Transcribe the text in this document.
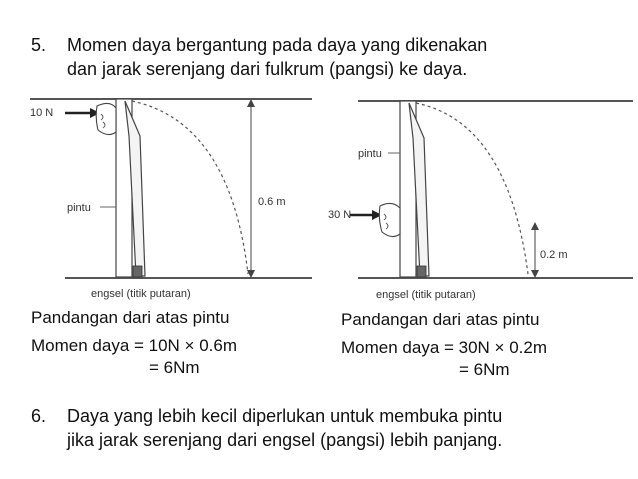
5. Momen daya bergantung pada daya yang dikenakan
dan jarak serenjang dari fulkrum (pangsi) ke daya.
10 N
pintu	0.6 m
engsel (titik putaran)
30 N
pintu
0.2 m
engsel (titik putaran)
Pandangan dari atas pintu
Momen daya = 10N × 0.6m
= 6Nm
Pandangan dari atas pintu
Momen daya = 30N × 0.2m
= 6Nm
6. Daya yang lebih kecil diperlukan untuk membuka pintu
jika jarak serenjang dari engsel (pangsi) lebih panjang.
